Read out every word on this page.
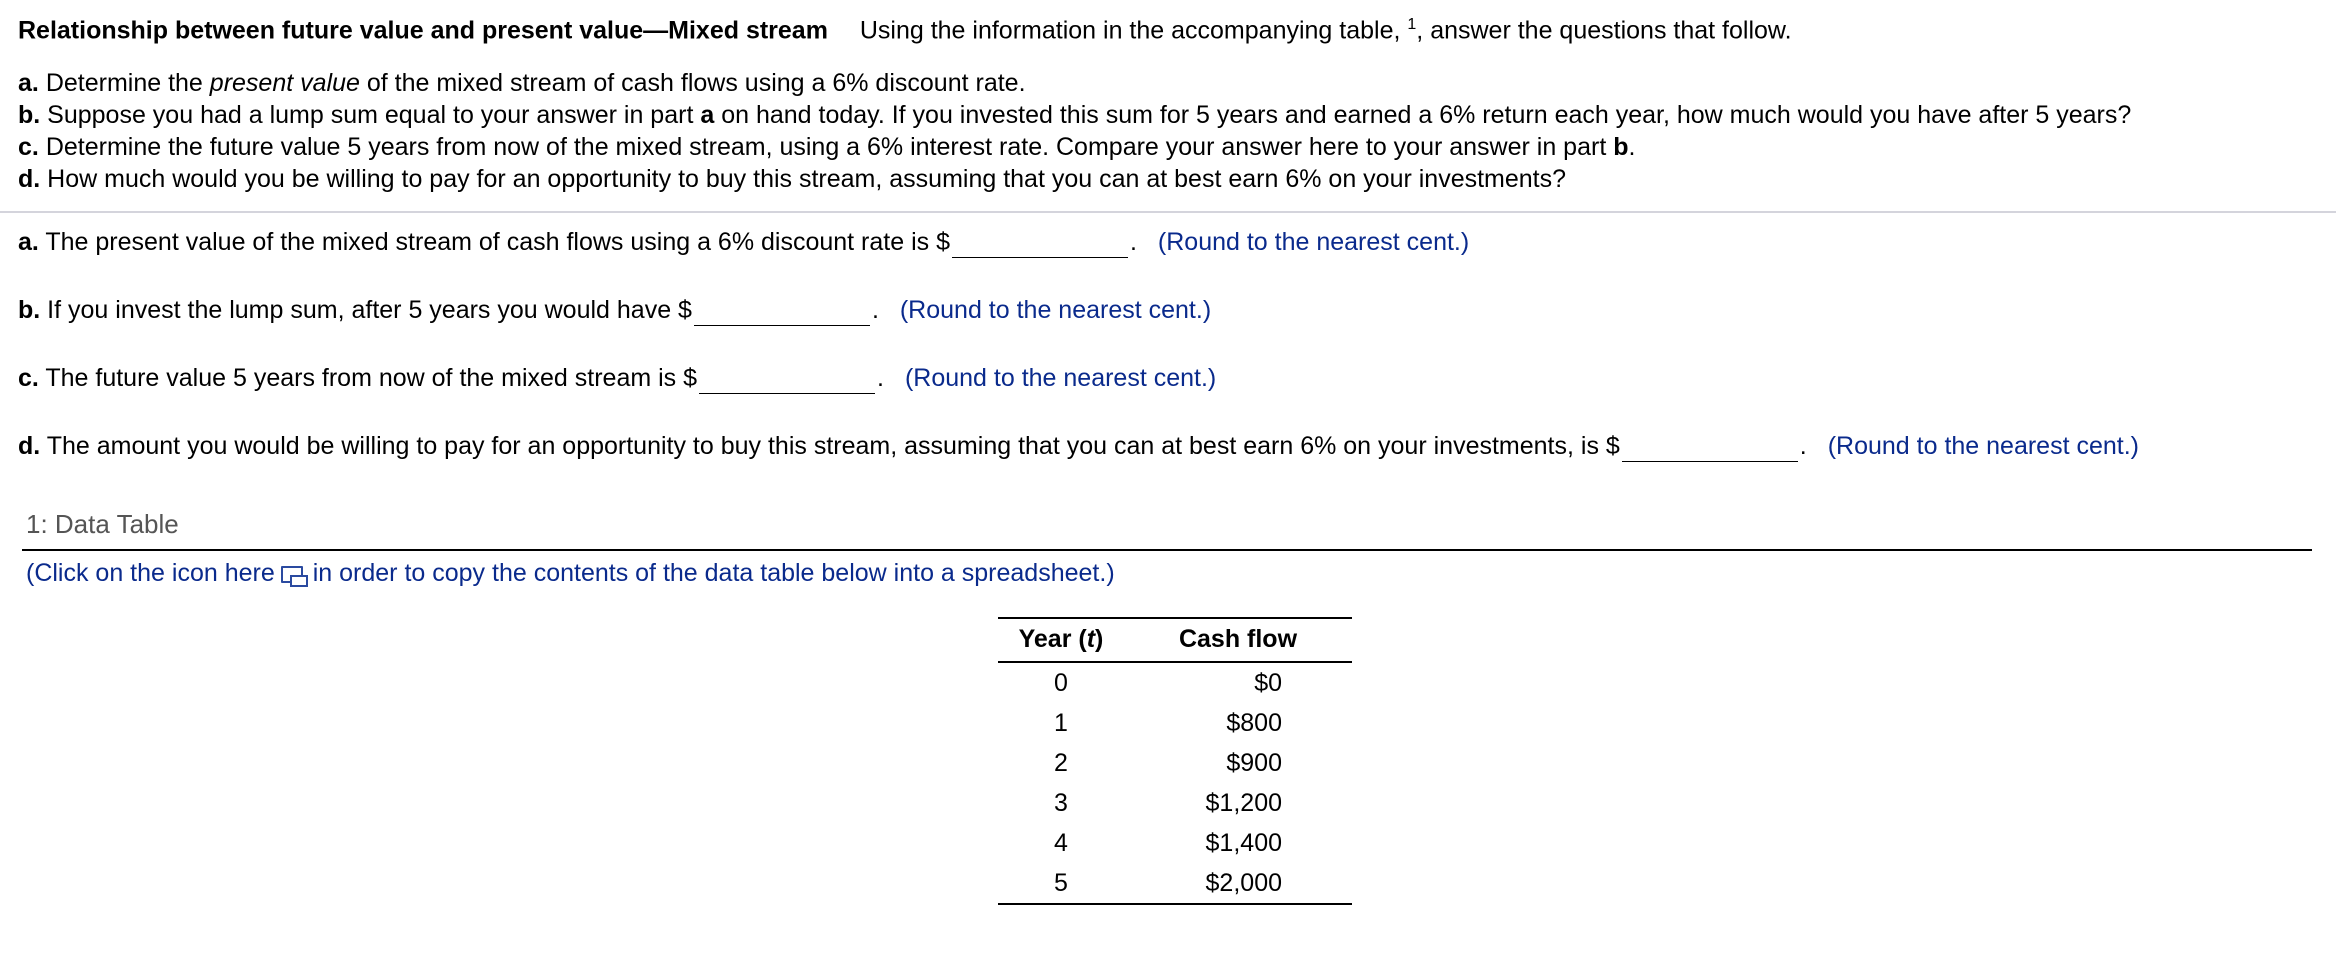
Relationship between future value and present value—Mixed stream Using the information in the accompanying table, $^1$, answer the questions that follow.
a. Determine the present value of the mixed stream of cash flows using a 6% discount rate.
b. Suppose you had a lump sum equal to your answer in part a on hand today. If you invested this sum for 5 years and earned a 6% return each year, how much would you have after 5 years?
c. Determine the future value 5 years from now of the mixed stream, using a 6% interest rate. Compare your answer here to your answer in part b.
d. How much would you be willing to pay for an opportunity to buy this stream, assuming that you can at best earn 6% on your investments?
a. The present value of the mixed stream of cash flows using a 6% discount rate is $	. (Round to the nearest cent.)
b. If you invest the lump sum, after 5 years you would have $	. (Round to the nearest cent.)
c. The future value 5 years from now of the mixed stream is $	. (Round to the nearest cent.)
d. The amount you would be willing to pay for an opportunity to buy this stream, assuming that you can at best earn 6% on your investments, is $	. (Round to the nearest cent.)
1: Data Table
(Click on the icon here in order to copy the contents of the data table below into a spreadsheet.)
Year (t)	Cash flow
0	$0
1	$800
2	$900
3	$1,200
4	$1,400
5	$2,000
